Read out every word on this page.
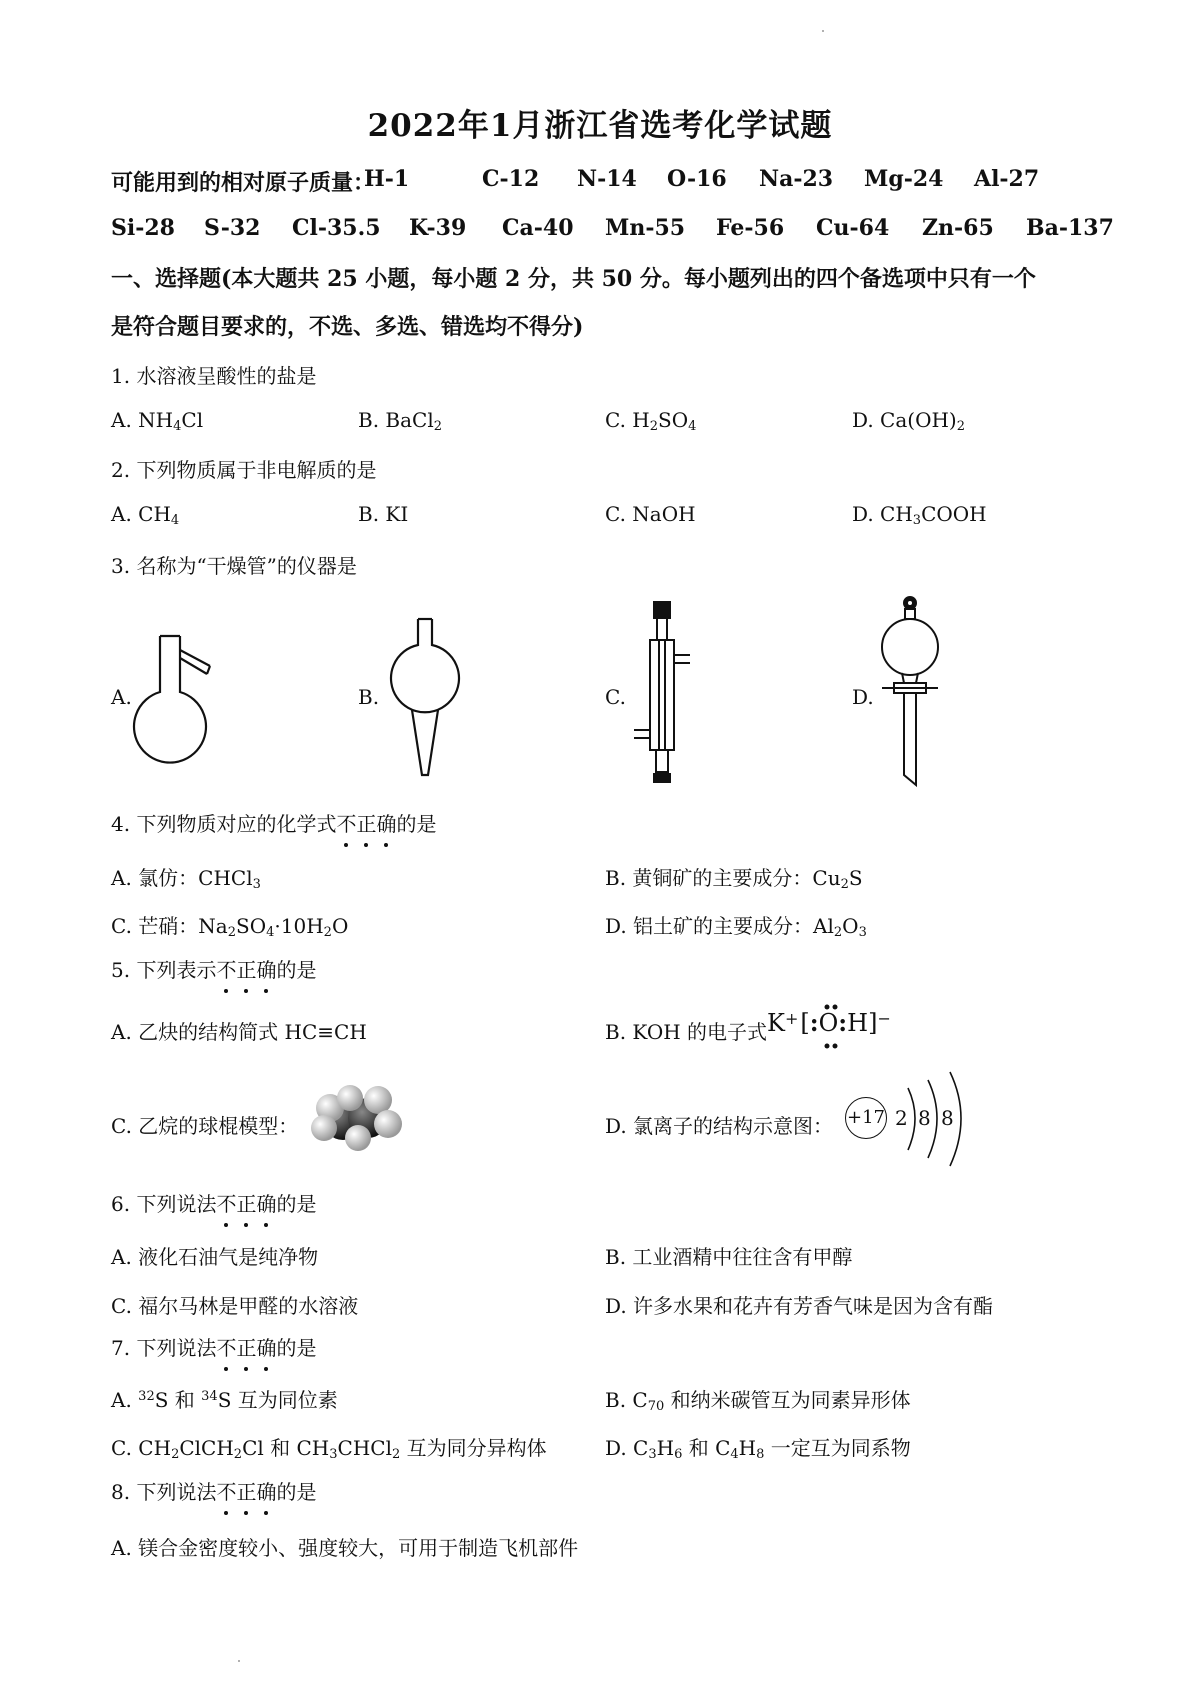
2022年1月浙江省选考化学试题
可能用到的相对原子质量：
H-1	C-12 N-14 O-16 Na-23 Mg-24 Al-27
Si-28 S-32 Cl-35.5 K-39 Ca-40 Mn-55 Fe-56 Cu-64 Zn-65 Ba-137
一、选择题(本大题共 25 小题，每小题 2 分，共 50 分。每小题列出的四个备选项中只有一个
是符合题目要求的，不选、多选、错选均不得分)
1. 水溶液呈酸性的盐是
A. $NH_4Cl$	B. BaCl$_2$	C. $H_2SO_4$	D. $Ca(OH)_2$
2. 下列物质属于非电解质的是
A. $CH_4$	B. KI	C. NaOH	D. $CH_3COOH$
3. 名称为“干燥管”的仪器是
A.	B.	C.	D.
4. 下列物质对应的化学式不正确的是
A. 氯仿：CHCl$_3$	B. 黄铜矿的主要成分：$Cu_2S$
C. 芒硝：$Na_2SO_4\cdot 10H_2O$	D. 铝土矿的主要成分：$Al_2O_3$
5. 下列表示不正确的是
A. 乙炔的结构简式 HC≡CH	B. KOH 的电子式 K+[:O:H]−
C. 乙烷的球棍模型：	D. 氯离子的结构示意图： +17 2 8 8
6. 下列说法不正确的是
A. 液化石油气是纯净物	B. 工业酒精中往往含有甲醇
C. 福尔马林是甲醛的水溶液	D. 许多水果和花卉有芳香气味是因为含有酯
7. 下列说法不正确的是
A. $^{32}$S 和 $^{34}$S 互为同位素	B. $C_{70}$ 和纳米碳管互为同素异形体
C. $CH_2ClCH_2Cl$ 和 $CH_3CHCl_2$ 互为同分异构体	D. $C_3H_6$ 和 $C_4H_8$ 一定互为同系物
8. 下列说法不正确的是
A. 镁合金密度较小、强度较大，可用于制造飞机部件
